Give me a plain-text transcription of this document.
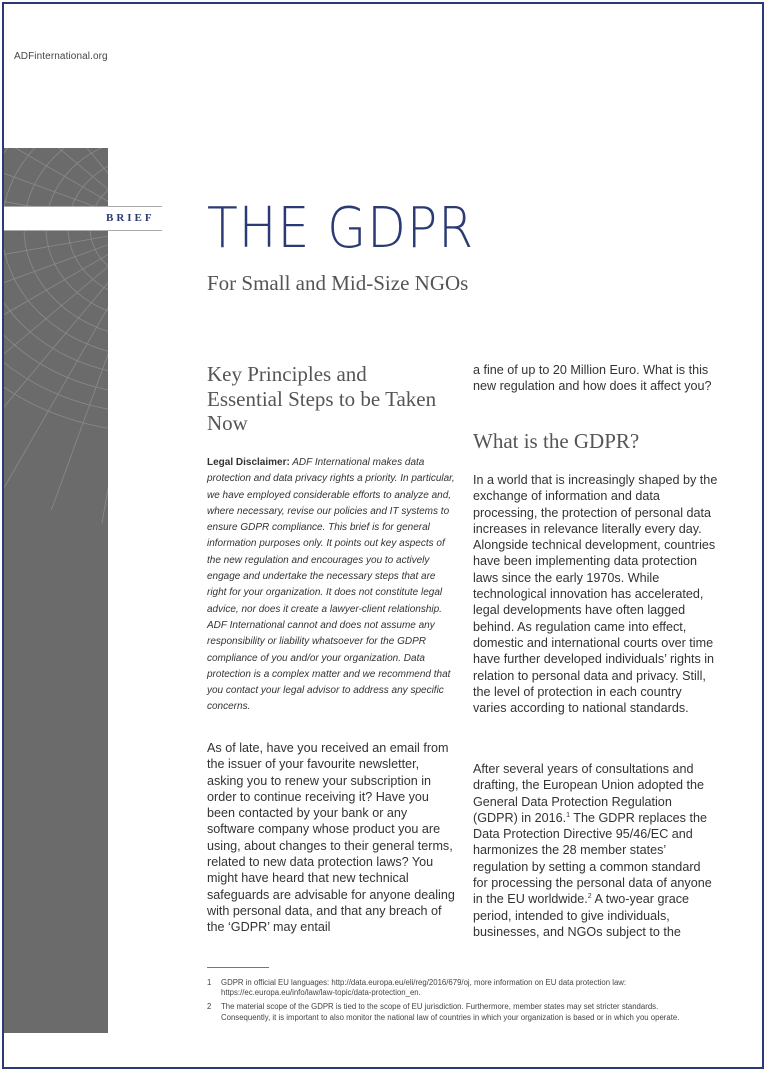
ADFinternational.org
BRIEF THE GDPR
For Small and Mid-Size NGOs
Key Principles and Essential Steps to be Taken Now
Legal Disclaimer: ADF International makes data protection and data privacy rights a priority. In particular, we have employed considerable efforts to analyze and, where necessary, revise our policies and IT systems to ensure GDPR compliance. This brief is for general information purposes only. It points out key aspects of the new regulation and encourages you to actively engage and undertake the necessary steps that are right for your organization. It does not constitute legal advice, nor does it create a lawyer-client relationship. ADF International cannot and does not assume any responsibility or liability whatsoever for the GDPR compliance of you and/or your organization. Data protection is a complex matter and we recommend that you contact your legal advisor to address any specific concerns.
As of late, have you received an email from the issuer of your favourite newsletter, asking you to renew your subscription in order to continue receiving it? Have you been contacted by your bank or any software company whose product you are using, about changes to their general terms, related to new data protection laws? You might have heard that new technical safeguards are advisable for anyone dealing with personal data, and that any breach of the ‘GDPR’ may entail
a fine of up to 20 Million Euro. What is this new regulation and how does it affect you?
What is the GDPR?
In a world that is increasingly shaped by the exchange of information and data processing, the protection of personal data increases in relevance literally every day. Alongside technical development, countries have been implementing data protection laws since the early 1970s. While technological innovation has accelerated, legal developments have often lagged behind. As regulation came into effect, domestic and international courts over time have further developed individuals’ rights in relation to personal data and privacy. Still, the level of protection in each country varies according to national standards.
After several years of consultations and drafting, the European Union adopted the General Data Protection Regulation (GDPR) in 2016.$^1$ The GDPR replaces the Data Protection Directive 95/46/EC and harmonizes the 28 member states’ regulation by setting a common standard for processing the personal data of anyone in the EU worldwide.$^2$ A two-year grace period, intended to give individuals, businesses, and NGOs subject to the
1	GDPR in official EU languages: http://data.europa.eu/eli/reg/2016/679/oj, more information on EU data protection law: https://ec.europa.eu/info/law/law-topic/data-protection_en.
2	The material scope of the GDPR is tied to the scope of EU jurisdiction. Furthermore, member states may set stricter standards. Consequently, it is important to also monitor the national law of countries in which your organization is based or in which you operate.
